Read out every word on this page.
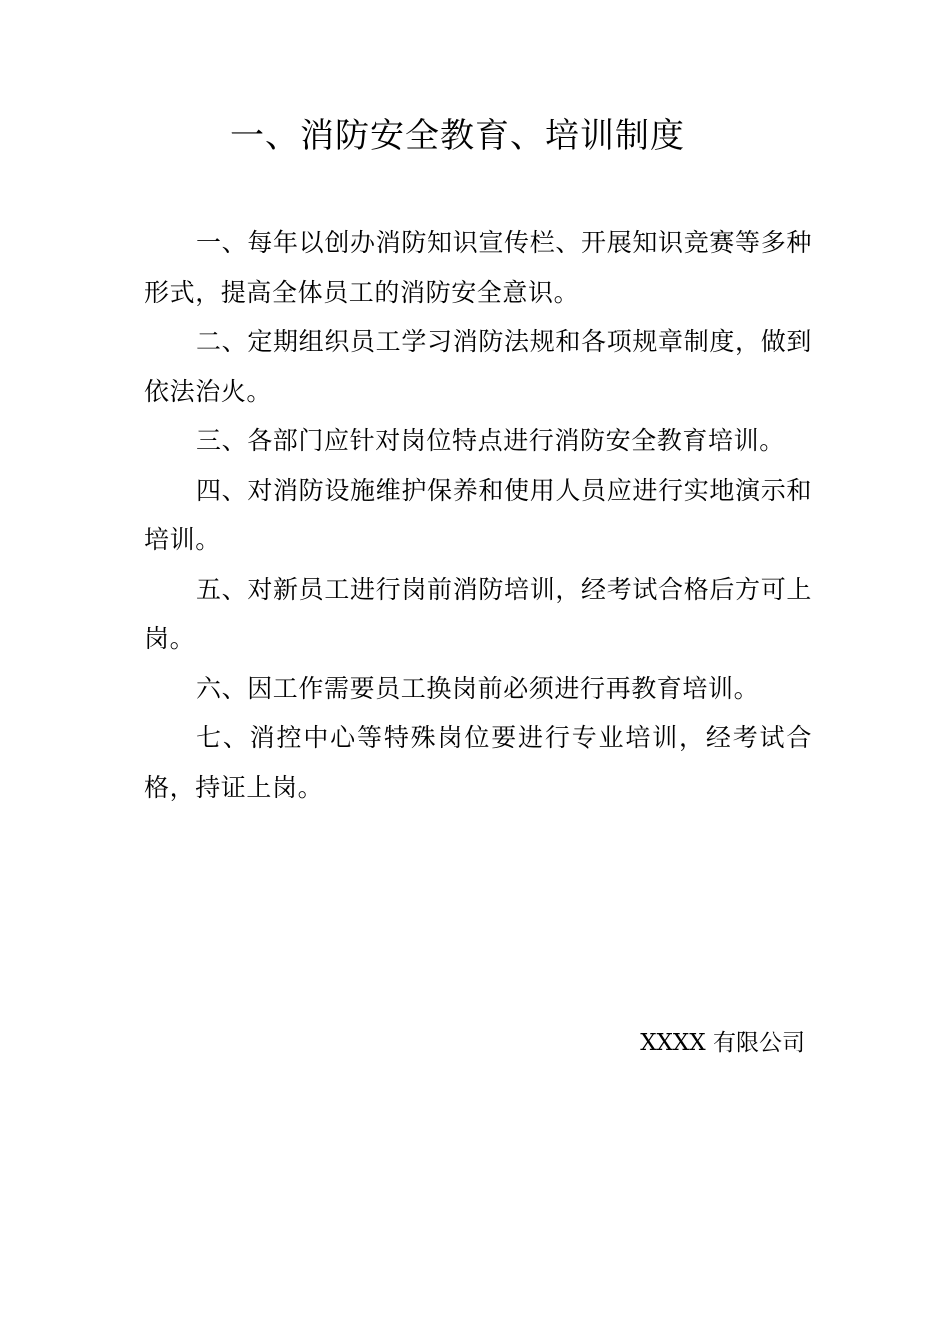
一、消防安全教育、培训制度

一、每年以创办消防知识宣传栏、开展知识竞赛等多种形式，提高全体员工的消防安全意识。

二、定期组织员工学习消防法规和各项规章制度，做到依法治火。

三、各部门应针对岗位特点进行消防安全教育培训。

四、对消防设施维护保养和使用人员应进行实地演示和培训。

五、对新员工进行岗前消防培训，经考试合格后方可上岗。

六、因工作需要员工换岗前必须进行再教育培训。

七、消控中心等特殊岗位要进行专业培训，经考试合格，持证上岗。

XXXX 有限公司
